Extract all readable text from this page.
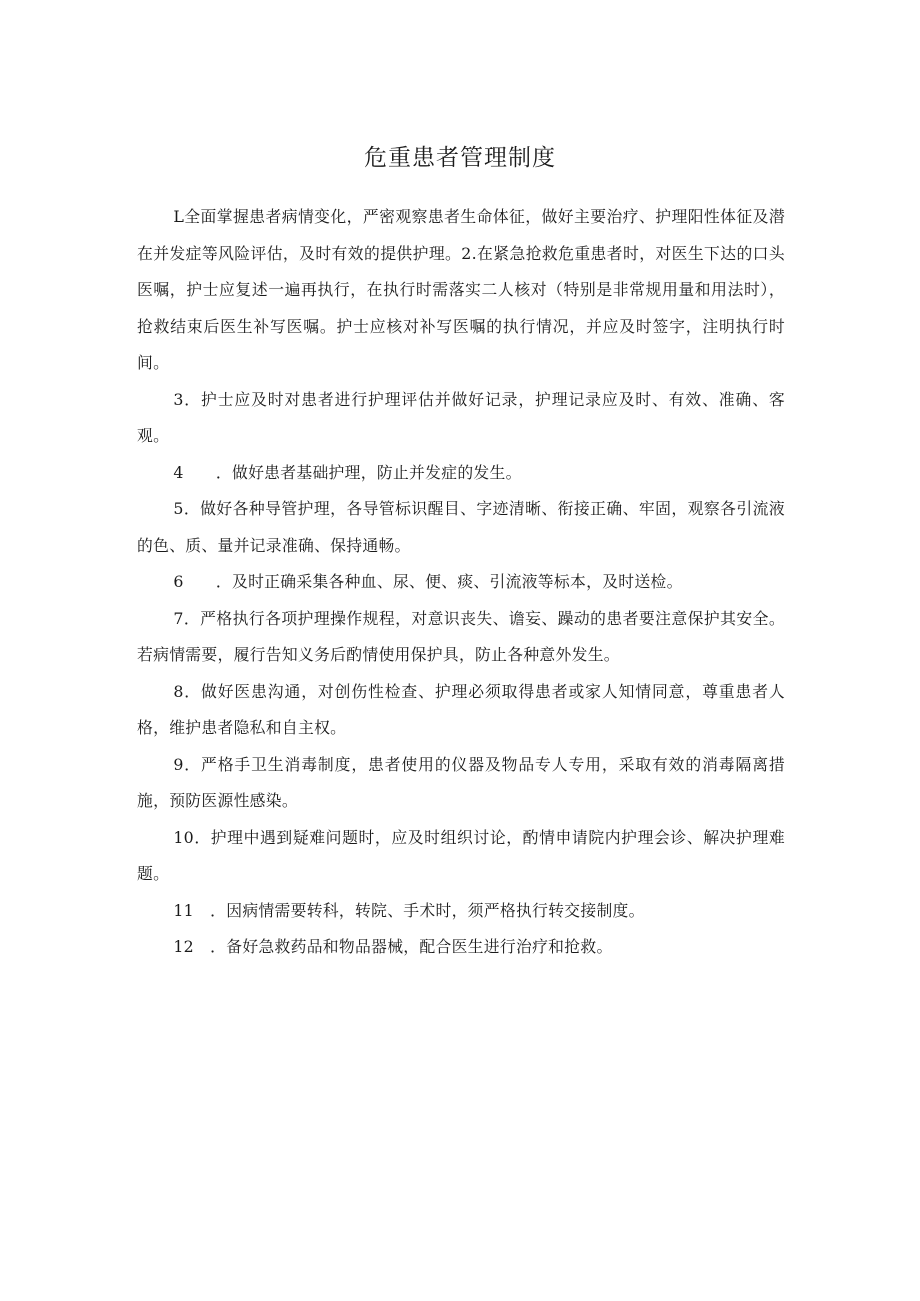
危重患者管理制度

L全面掌握患者病情变化，严密观察患者生命体征，做好主要治疗、护理阳性体征及潜在并发症等风险评估，及时有效的提供护理。2.在紧急抢救危重患者时，对医生下达的口头医嘱，护士应复述一遍再执行，在执行时需落实二人核对（特别是非常规用量和用法时），抢救结束后医生补写医嘱。护士应核对补写医嘱的执行情况，并应及时签字，注明执行时间。

3．护士应及时对患者进行护理评估并做好记录，护理记录应及时、有效、准确、客观。

4　　．做好患者基础护理，防止并发症的发生。

5．做好各种导管护理，各导管标识醒目、字迹清晰、衔接正确、牢固，观察各引流液的色、质、量并记录准确、保持通畅。

6　　．及时正确采集各种血、尿、便、痰、引流液等标本，及时送检。

7．严格执行各项护理操作规程，对意识丧失、谵妄、躁动的患者要注意保护其安全。若病情需要，履行告知义务后酌情使用保护具，防止各种意外发生。

8．做好医患沟通，对创伤性检查、护理必须取得患者或家人知情同意，尊重患者人格，维护患者隐私和自主权。

9．严格手卫生消毒制度，患者使用的仪器及物品专人专用，采取有效的消毒隔离措施，预防医源性感染。

10．护理中遇到疑难问题时，应及时组织讨论，酌情申请院内护理会诊、解决护理难题。

11　．因病情需要转科，转院、手术时，须严格执行转交接制度。

12　．备好急救药品和物品器械，配合医生进行治疗和抢救。
